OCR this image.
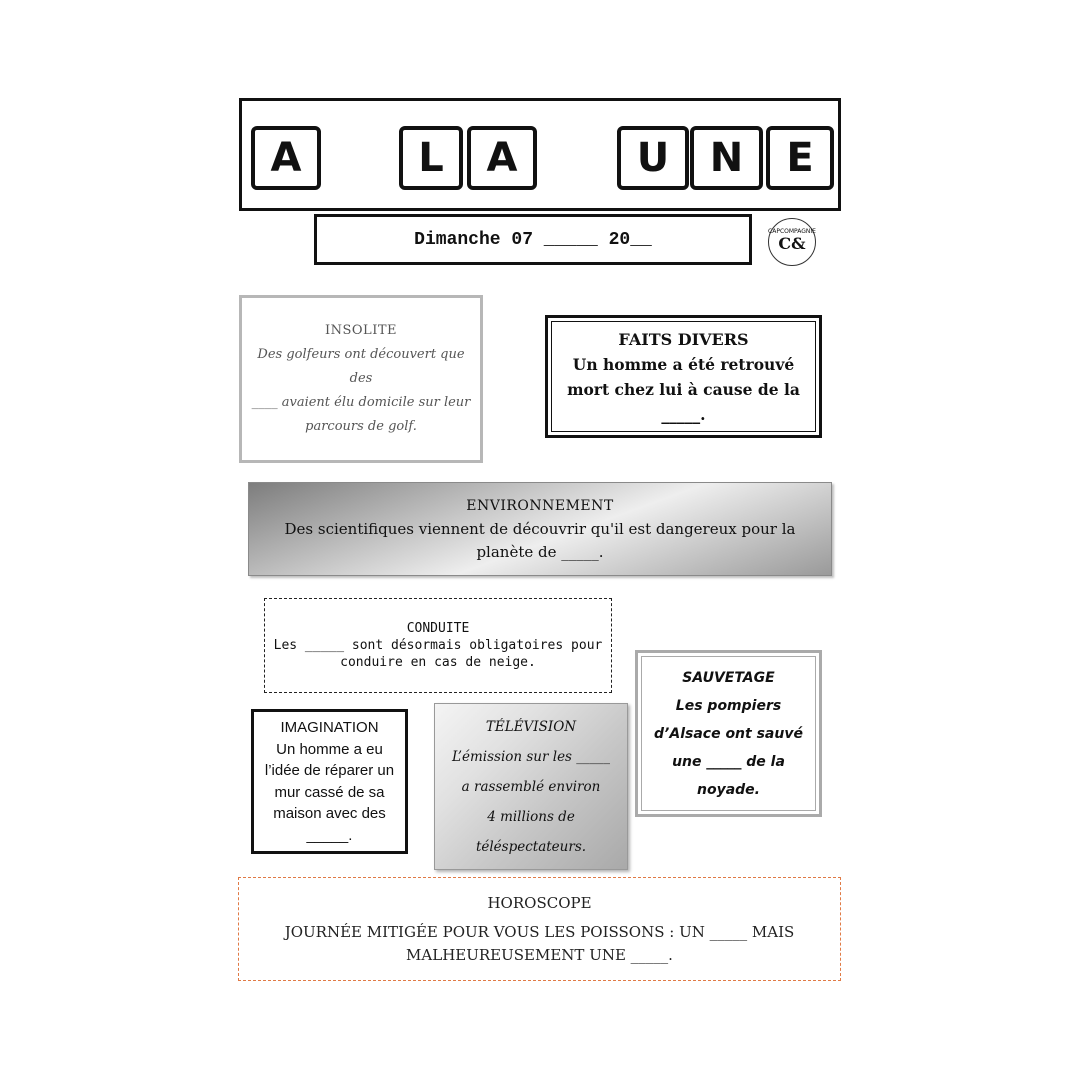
A	L	A	U	N	E
Dimanche 07 _____ 20__	CAPCOMPAGNIE
C&
INSOLITE
Des golfeurs ont découvert que des
____ avaient élu domicile sur leur
parcours de golf.
FAITS DIVERS
Un homme a été retrouvé
mort chez lui à cause de la
_____.
ENVIRONNEMENT
Des scientifiques viennent de découvrir qu'il est dangereux pour la
planète de _____.
CONDUITE
Les _____ sont désormais obligatoires pour
conduire en cas de neige.
SAUVETAGE
Les pompiers
d’Alsace ont sauvé
une _____ de la
noyade.
IMAGINATION
Un homme a eu
l’idée de réparer un
mur cassé de sa
maison avec des
_____.
TÉLÉVISION
L’émission sur les _____
a rassemblé environ
4 millions de
téléspectateurs.
HOROSCOPE
JOURNÉE MITIGÉE POUR VOUS LES POISSONS : UN _____ MAIS
MALHEUREUSEMENT UNE _____.
